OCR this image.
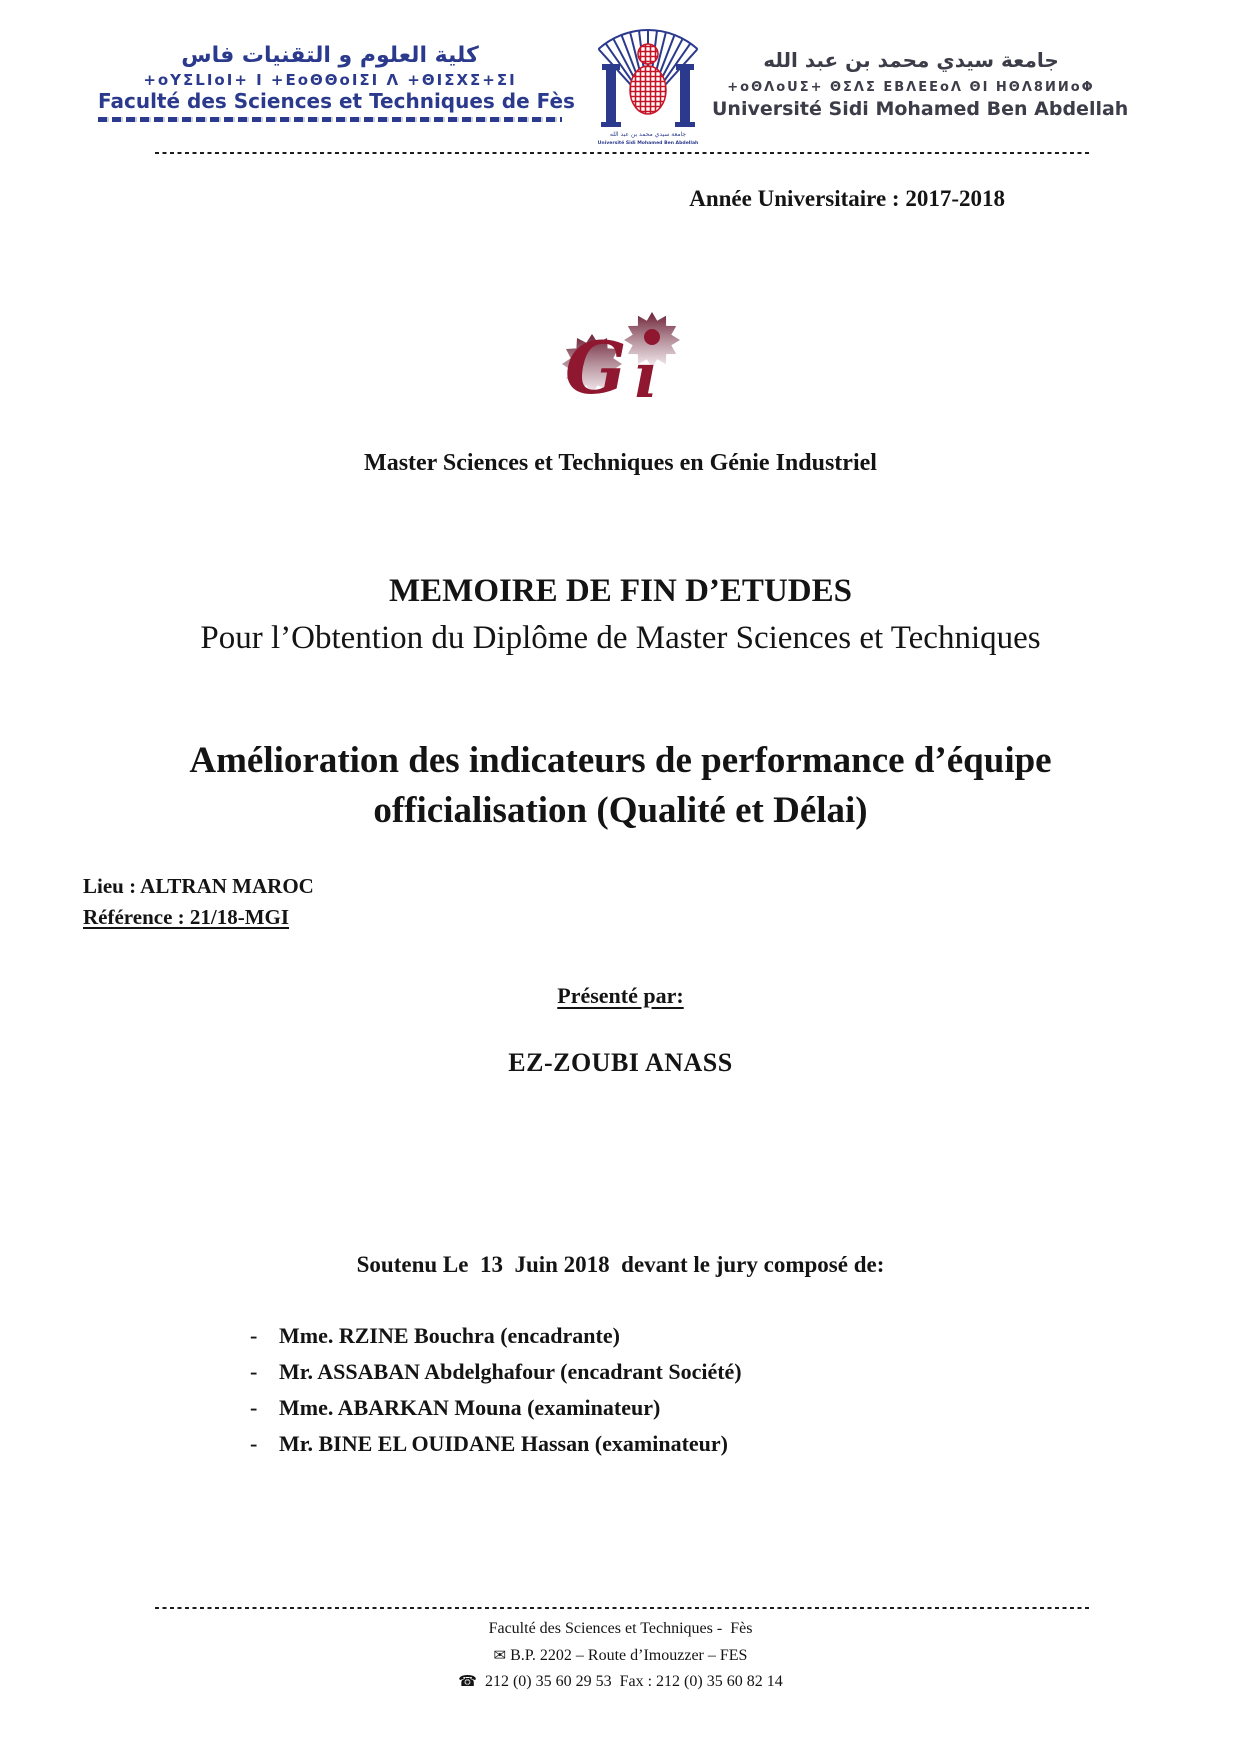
كلية العلوم و التقنيات فاس
+oYΣLIoI+ I +EoΘΘoIΣI Λ +ΘIΣXΣ+ΣI
Faculté des Sciences et Techniques de Fès
جامعة سيدي محمد بن عبد الله
Université Sidi Mohamed Ben Abdellah
جامعة سيدي محمد بن عبد الله
+oΘΛoUΣ+ ΘΣΛΣ ΕΒΛΕΕoΛ ΘΙ ΗΘΛ8ИИoΦ
Université Sidi Mohamed Ben Abdellah
Année Universitaire : 2017-2018
G ı
Master Sciences et Techniques en Génie Industriel
MEMOIRE DE FIN D’ETUDES
Pour l’Obtention du Diplôme de Master Sciences et Techniques
Amélioration des indicateurs de performance d’équipe
officialisation (Qualité et Délai)
Lieu : ALTRAN MAROC
Référence : 21/18-MGI
Présenté par:
EZ-ZOUBI ANASS
Soutenu Le  13  Juin 2018  devant le jury composé de:
- Mme. RZINE Bouchra (encadrante)
- Mr. ASSABAN Abdelghafour (encadrant Société)
- Mme. ABARKAN Mouna (examinateur)
- Mr. BINE EL OUIDANE Hassan (examinateur)
Faculté des Sciences et Techniques -  Fès
✉ B.P. 2202 – Route d’Imouzzer – FES
☎ 212 (0) 35 60 29 53  Fax : 212 (0) 35 60 82 14
